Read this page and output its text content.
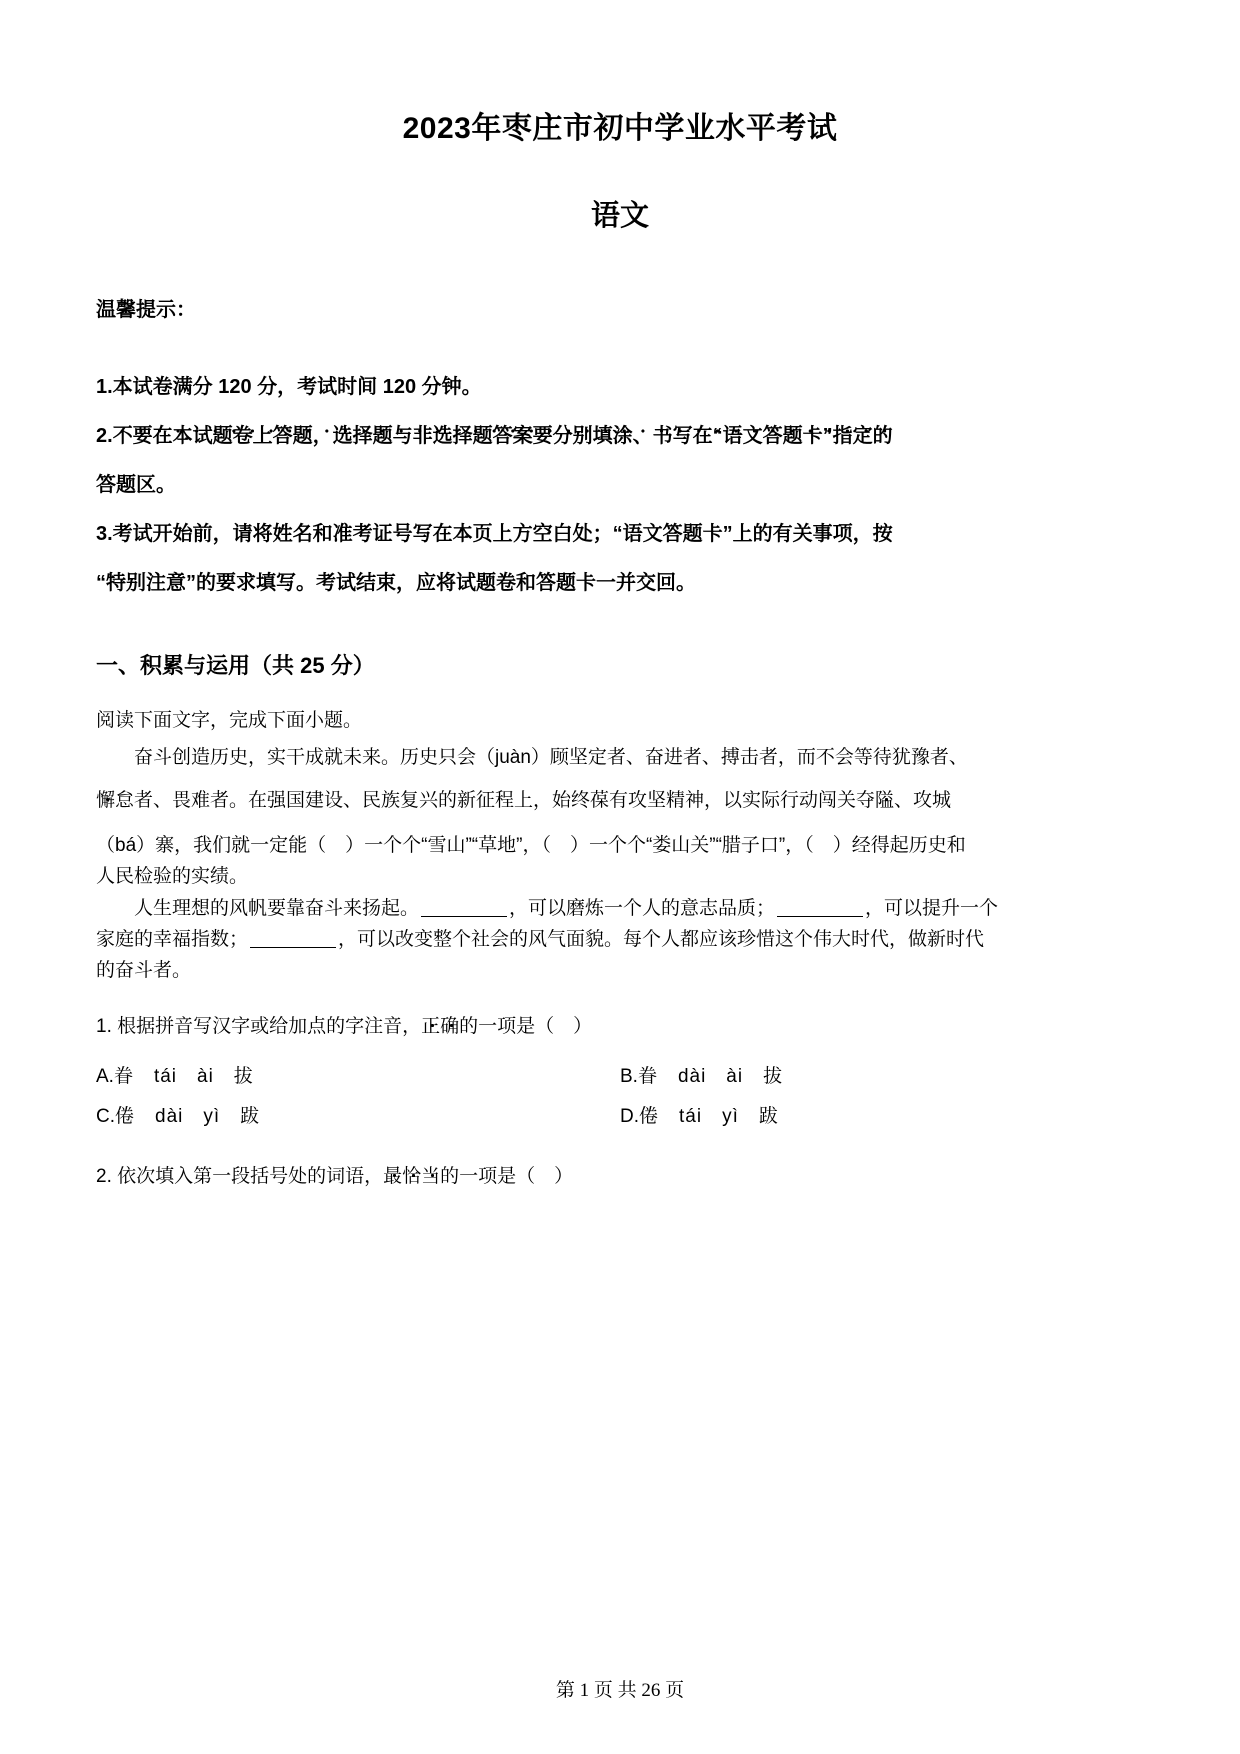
2023年枣庄市初中学业水平考试
语文
温馨提示：

1.本试卷满分 120 分，考试时间 120 分钟。

2.不要在本试题卷上答题，选择题与非选择题答案要分别填涂、书写在“语文答题卡”指定的

答题区。

3.考试开始前，请将姓名和准考证号写在本页上方空白处；“语文答题卡”上的有关事项，按

“特别注意”的要求填写。考试结束，应将试题卷和答题卡一并交回。

一、积累与运用（共 25 分）
阅读下面文字，完成下面小题。

奋斗创造历史，实干成就未来。历史只会（juàn）顾坚定者、奋进者、搏击者，而不会等待犹豫者、

懈怠者、畏难者。在强国建设、民族复兴的新征程上，始终葆有攻坚精神，以实际行动闯关夺隘、攻城

（bá）寨，我们就一定能（　）一个个“雪山”“草地”，（　）一个个“娄山关”“腊子口”，（　）经得起历史和

人民检验的实绩。

人生理想的风帆要靠奋斗来扬起。	，可以磨炼一个人的意志品质；	，可以提升一个

家庭的幸福指数；	，可以改变整个社会的风气面貌。每个人都应该珍惜这个伟大时代，做新时代

的奋斗者。

1. 根据拼音写汉字或给加点的字注音，正确的一项是（　）
A.眷　tái　ài　拔	B.眷　dài　ài　拔
C.倦　dài　yì　跋	D.倦　tái　yì　跋
2. 依次填入第一段括号处的词语，最恰当的一项是（　）
第 1 页 共 26 页
